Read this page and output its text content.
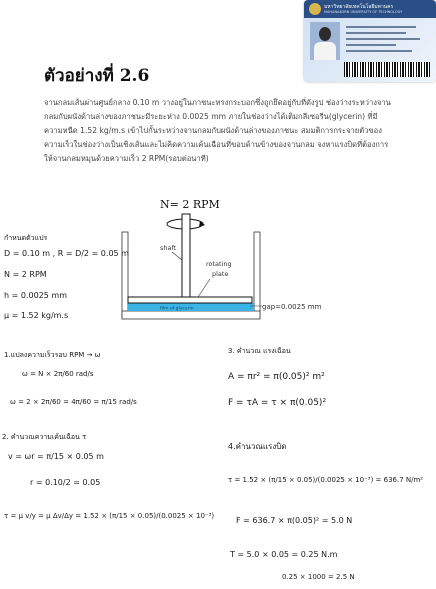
มหาวิทยาลัยเทคโนโลยีมหานคร
MAHANAKORN UNIVERSITY OF TECHNOLOGY
ตัวอย่างที่ 2.6
จานกลมเส้นผ่านศูนย์กลาง 0.10 m วางอยู่ในภาชนะทรงกระบอกซึ่งถูกยึดอยู่กับที่ดังรูป ช่องว่างระหว่างจานกลมกับผนังด้านล่างของภาชนะมีระยะห่าง 0.0025 mm ภายในช่องว่างได้เติมกลีเซอรีน(glycerin) ที่มีความหนืด 1.52 kg/m.s เข้าไปกั้นระหว่างจานกลมกับผนังด้านล่างของภาชนะ สมมติการกระจายตัวของความเร็วในช่องว่างเป็นเชิงเส้นและไม่คิดความเค้นเฉือนที่ขอบด้านข้างของจานกลม จงหาแรงบิดที่ต้องการให้จานกลมหมุนด้วยความเร็ว 2 RPM(รอบต่อนาที)
N= 2 RPM
film of glycerin
shaft
rotating
plate
gap=0.0025 mm
กำหนดตัวแปร
D = 0.10 m , R = D/2 = 0.05 m
N = 2 RPM
h = 0.0025 mm
μ = 1.52 kg/m.s
1.แปลงความเร็วรอบ RPM → ω
ω = N × 2π/60 rad/s
ω = 2 × 2π/60 = 4π/60 = π/15 rad/s
2. คำนวณความเค้นเฉือน τ
v = ωr = π/15 × 0.05 m
r = 0.10/2 = 0.05
τ = μ v/y = μ Δv/Δy = 1.52 × (π/15 × 0.05)/(0.0025 × 10⁻³)
3. คำนวณ แรงเฉือน
A = πr² = π(0.05)² m²
F = τA = τ × π(0.05)²
4.คำนวณแรงบิด
τ = 1.52 × (π/15 × 0.05)/(0.0025 × 10⁻³) = 636.7 N/m²
F = 636.7 × π(0.05)² = 5.0 N
T = 5.0 × 0.05 = 0.25 N.m
0.25 × 1000 = 2.5 N
